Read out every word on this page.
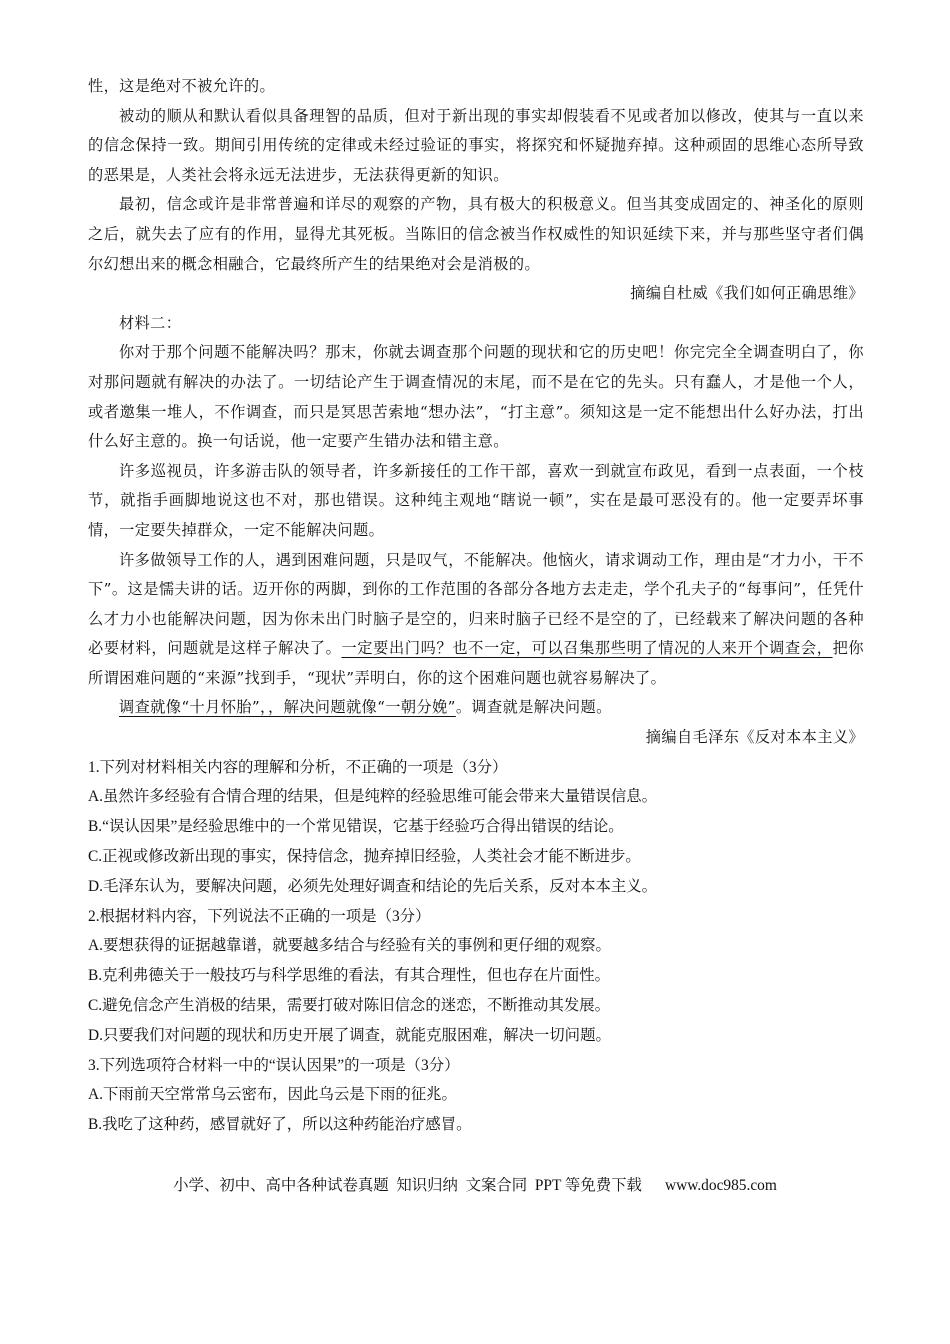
性，这是绝对不被允许的。

被动的顺从和默认看似具备理智的品质，但对于新出现的事实却假装看不见或者加以修改，使其与一直以来的信念保持一致。期间引用传统的定律或未经过验证的事实，将探究和怀疑抛弃掉。这种顽固的思维心态所导致的恶果是，人类社会将永远无法进步，无法获得更新的知识。

最初，信念或许是非常普遍和详尽的观察的产物，具有极大的积极意义。但当其变成固定的、神圣化的原则之后，就失去了应有的作用，显得尤其死板。当陈旧的信念被当作权威性的知识延续下来，并与那些坚守者们偶尔幻想出来的概念相融合，它最终所产生的结果绝对会是消极的。

摘编自杜威《我们如何正确思维》

材料二：

你对于那个问题不能解决吗？那末，你就去调查那个问题的现状和它的历史吧！你完完全全调查明白了，你对那问题就有解决的办法了。一切结论产生于调查情况的末尾，而不是在它的先头。只有蠢人，才是他一个人，或者邀集一堆人，不作调查，而只是冥思苦索地“想办法”，“打主意”。须知这是一定不能想出什么好办法，打出什么好主意的。换一句话说，他一定要产生错办法和错主意。

许多巡视员，许多游击队的领导者，许多新接任的工作干部，喜欢一到就宣布政见，看到一点表面，一个枝节，就指手画脚地说这也不对，那也错误。这种纯主观地“瞎说一顿”，实在是最可恶没有的。他一定要弄坏事情，一定要失掉群众，一定不能解决问题。

许多做领导工作的人，遇到困难问题，只是叹气，不能解决。他恼火，请求调动工作，理由是“才力小，干不下”。这是懦夫讲的话。迈开你的两脚，到你的工作范围的各部分各地方去走走，学个孔夫子的“每事问”，任凭什么才力小也能解决问题，因为你未出门时脑子是空的，归来时脑子已经不是空的了，已经载来了解决问题的各种必要材料，问题就是这样子解决了。一定要出门吗？也不一定，可以召集那些明了情况的人来开个调查会，把你所谓困难问题的“来源”找到手，“现状”弄明白，你的这个困难问题也就容易解决了。

调查就像“十月怀胎”，，解决问题就像“一朝分娩”。调查就是解决问题。

摘编自毛泽东《反对本本主义》

1.下列对材料相关内容的理解和分析，不正确的一项是（3分）

A.虽然许多经验有合情合理的结果，但是纯粹的经验思维可能会带来大量错误信息。

B.“误认因果”是经验思维中的一个常见错误，它基于经验巧合得出错误的结论。

C.正视或修改新出现的事实，保持信念，抛弃掉旧经验，人类社会才能不断进步。

D.毛泽东认为，要解决问题，必须先处理好调查和结论的先后关系，反对本本主义。

2.根据材料内容，下列说法不正确的一项是（3分）

A.要想获得的证据越靠谱，就要越多结合与经验有关的事例和更仔细的观察。

B.克利弗德关于一般技巧与科学思维的看法，有其合理性，但也存在片面性。

C.避免信念产生消极的结果，需要打破对陈旧信念的迷恋，不断推动其发展。

D.只要我们对问题的现状和历史开展了调查，就能克服困难，解决一切问题。

3.下列选项符合材料一中的“误认因果”的一项是（3分）

A.下雨前天空常常乌云密布，因此乌云是下雨的征兆。

B.我吃了这种药，感冒就好了，所以这种药能治疗感冒。

小学、初中、高中各种试卷真题  知识归纳  文案合同  PPT 等免费下载 www.doc985.com
